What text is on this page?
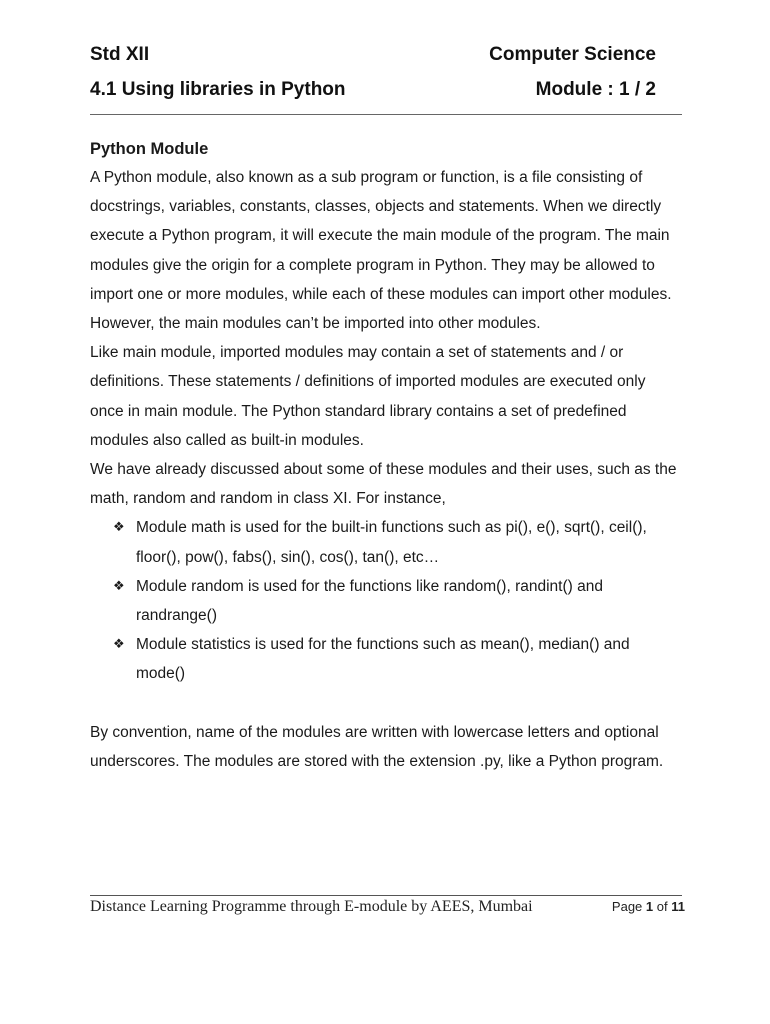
Std XII	Computer Science
4.1 Using libraries in Python	Module : 1 / 2
Python Module

A Python module, also known as a sub program or function, is a file consisting of docstrings, variables, constants, classes, objects and statements. When we directly execute a Python program, it will execute the main module of the program. The main modules give the origin for a complete program in Python. They may be allowed to import one or more modules, while each of these modules can import other modules. However, the main modules can’t be imported into other modules.

Like main module, imported modules may contain a set of statements and / or definitions. These statements / definitions of imported modules are executed only once in main module. The Python standard library contains a set of predefined modules also called as built-in modules.

We have already discussed about some of these modules and their uses, such as the math, random and random in class XI. For instance,

❖ Module math is used for the built-in functions such as pi(), e(), sqrt(), ceil(), floor(), pow(), fabs(), sin(), cos(), tan(), etc…
❖ Module random is used for the functions like random(), randint() and randrange()
❖ Module statistics is used for the functions such as mean(), median() and mode()

By convention, name of the modules are written with lowercase letters and optional underscores. The modules are stored with the extension .py, like a Python program.

Distance Learning Programme through E-module by AEES, Mumbai	Page 1 of 11
